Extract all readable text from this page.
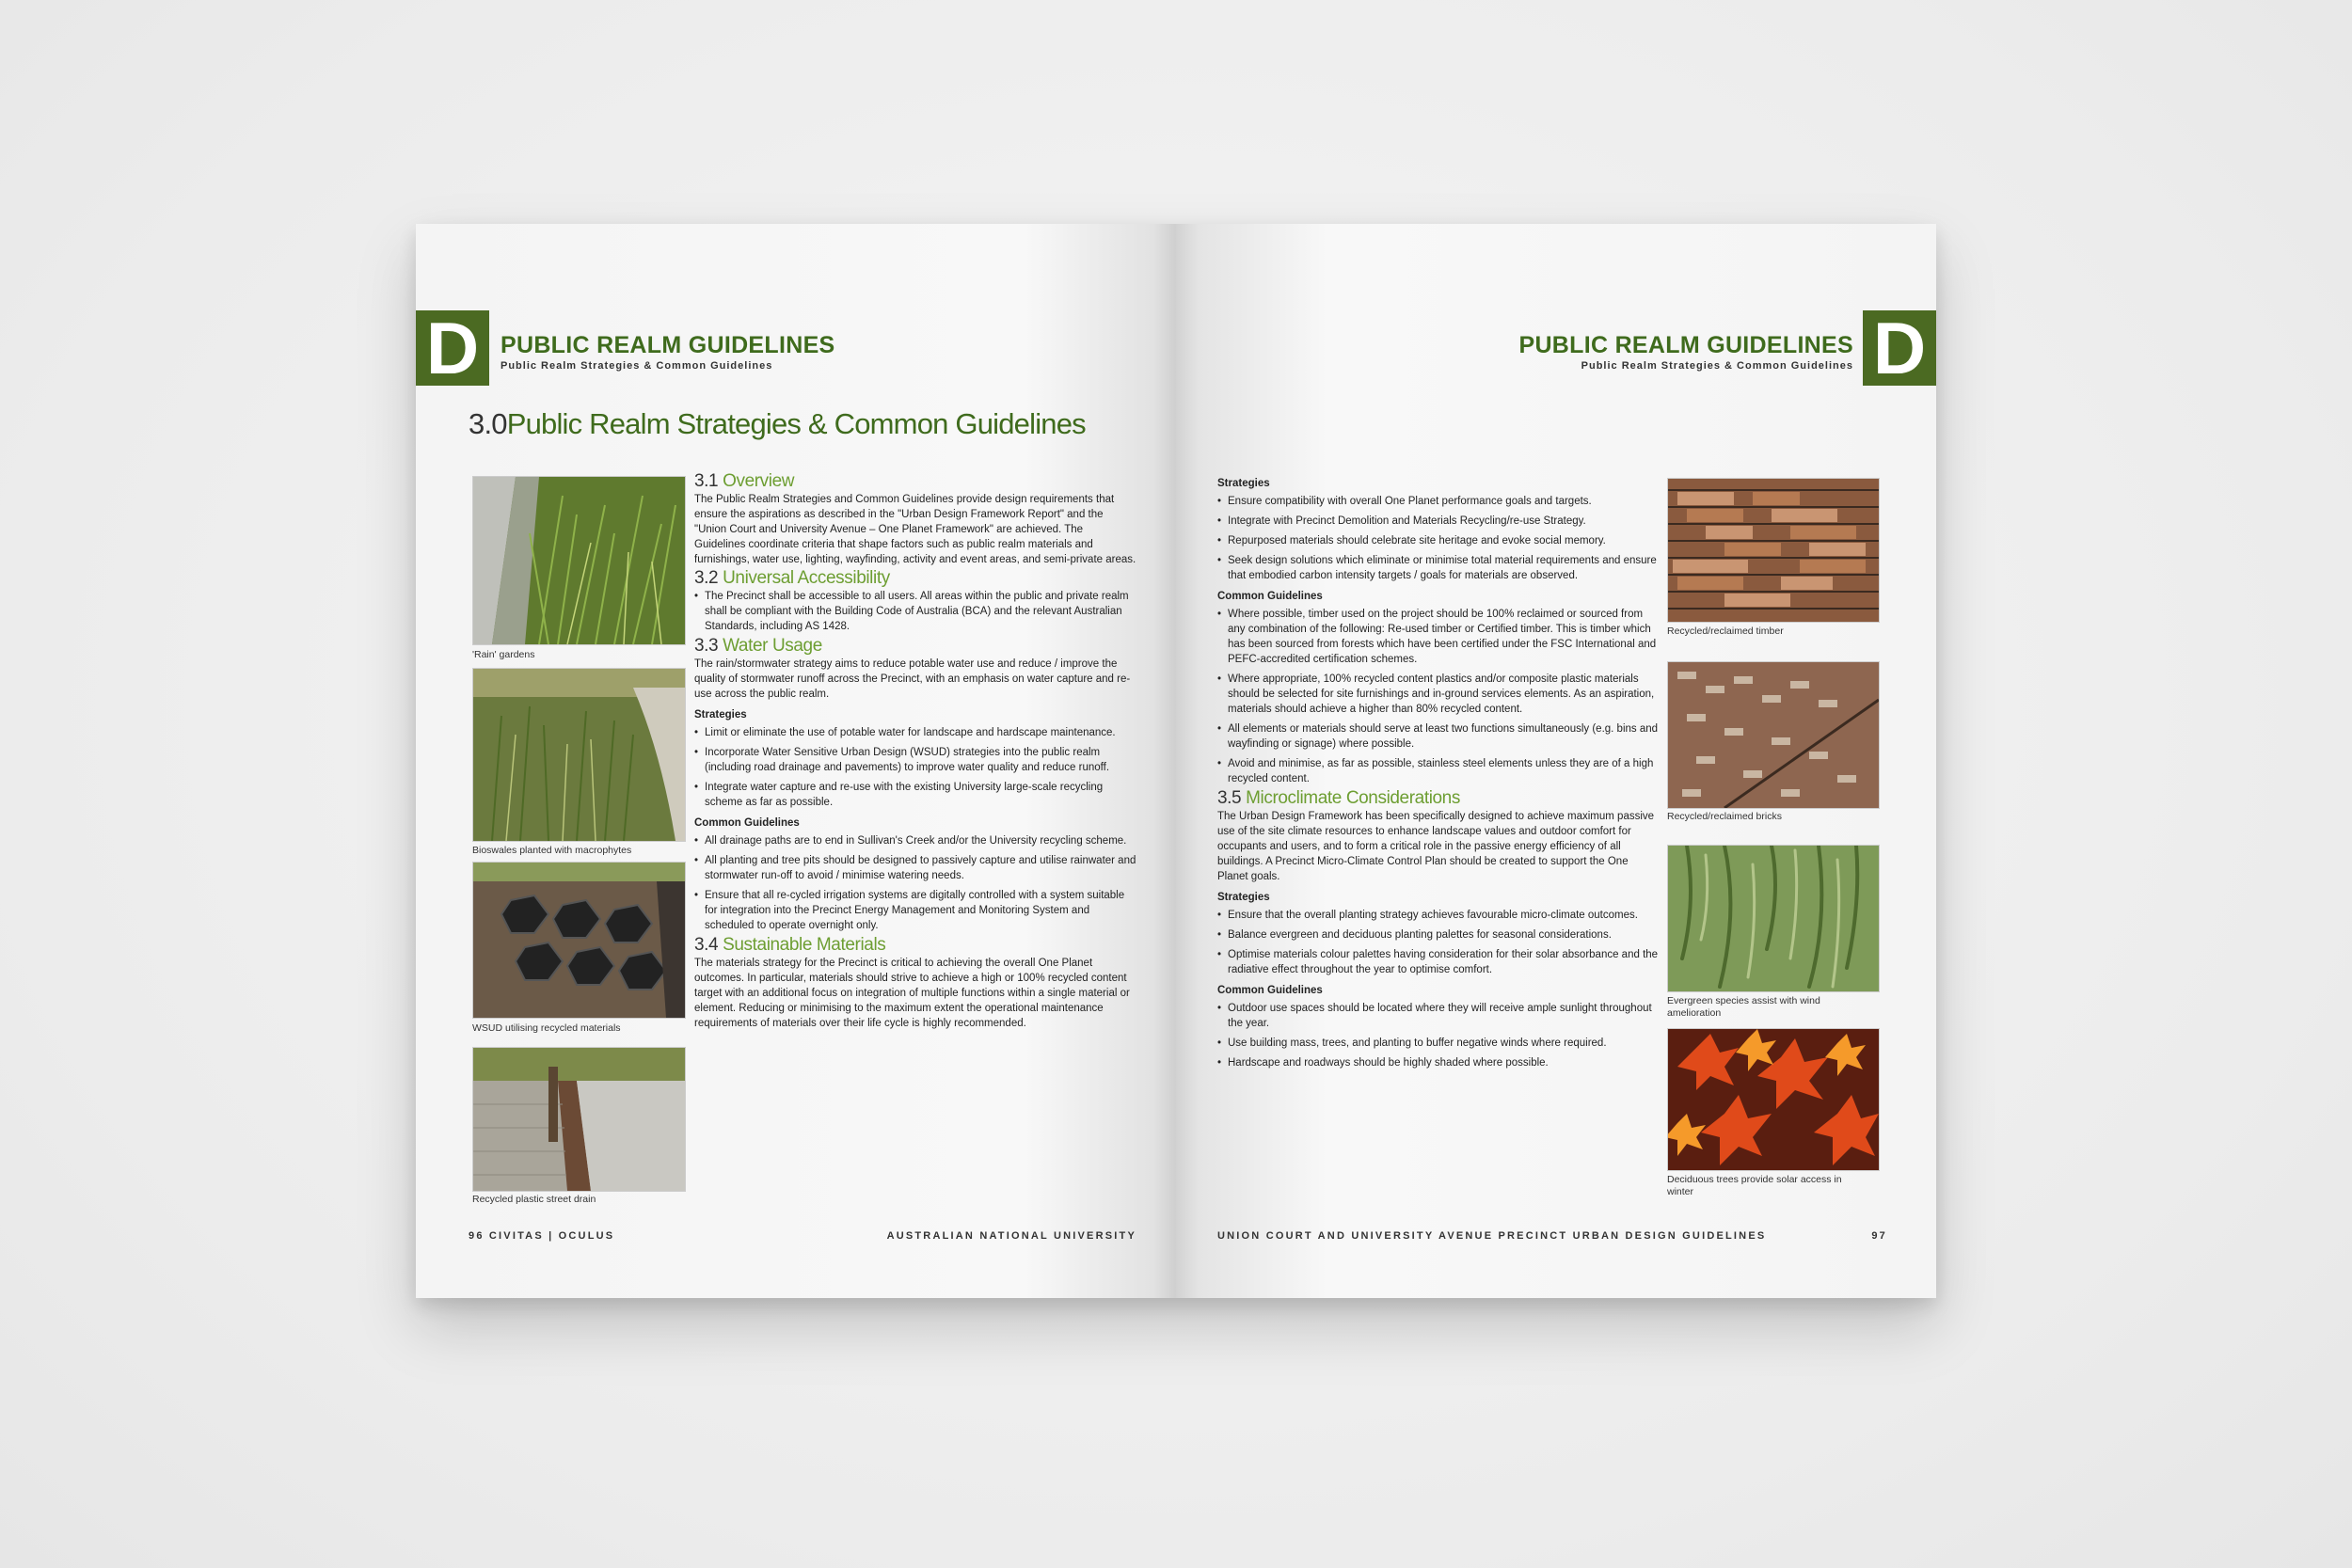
D PUBLIC REALM GUIDELINES
Public Realm Strategies & Common Guidelines
3.0Public Realm Strategies & Common Guidelines
'Rain' gardens
Bioswales planted with macrophytes
WSUD utilising recycled materials
Recycled plastic street drain
3.1 Overview

The Public Realm Strategies and Common Guidelines provide design requirements that ensure the aspirations as described in the "Urban Design Framework Report" and the "Union Court and University Avenue – One Planet Framework" are achieved. The Guidelines coordinate criteria that shape factors such as public realm materials and furnishings, water use, lighting, wayfinding, activity and event areas, and semi-private areas.

3.2 Universal Accessibility
• The Precinct shall be accessible to all users. All areas within the public and private realm shall be compliant with the Building Code of Australia (BCA) and the relevant Australian Standards, including AS 1428.
3.3 Water Usage

The rain/stormwater strategy aims to reduce potable water use and reduce / improve the quality of stormwater runoff across the Precinct, with an emphasis on water capture and re-use across the public realm.

Strategies
• Limit or eliminate the use of potable water for landscape and hardscape maintenance.
• Incorporate Water Sensitive Urban Design (WSUD) strategies into the public realm (including road drainage and pavements) to improve water quality and reduce runoff.
• Integrate water capture and re-use with the existing University large-scale recycling scheme as far as possible.
Common Guidelines
• All drainage paths are to end in Sullivan's Creek and/or the University recycling scheme.
• All planting and tree pits should be designed to passively capture and utilise rainwater and stormwater run-off to avoid / minimise watering needs.
• Ensure that all re-cycled irrigation systems are digitally controlled with a system suitable for integration into the Precinct Energy Management and Monitoring System and scheduled to operate overnight only.
3.4 Sustainable Materials

The materials strategy for the Precinct is critical to achieving the overall One Planet outcomes. In particular, materials should strive to achieve a high or 100% recycled content target with an additional focus on integration of multiple functions within a single material or element. Reducing or minimising to the maximum extent the operational maintenance requirements of materials over their life cycle is highly recommended.

96 CIVITAS | OCULUS	AUSTRALIAN NATIONAL UNIVERSITY
D
PUBLIC REALM GUIDELINES
Public Realm Strategies & Common Guidelines
Strategies
• Ensure compatibility with overall One Planet performance goals and targets.
• Integrate with Precinct Demolition and Materials Recycling/re-use Strategy.
• Repurposed materials should celebrate site heritage and evoke social memory.
• Seek design solutions which eliminate or minimise total material requirements and ensure that embodied carbon intensity targets / goals for materials are observed.
Common Guidelines
• Where possible, timber used on the project should be 100% reclaimed or sourced from any combination of the following: Re-used timber or Certified timber. This is timber which has been sourced from forests which have been certified under the FSC International and PEFC-accredited certification schemes.
• Where appropriate, 100% recycled content plastics and/or composite plastic materials should be selected for site furnishings and in-ground services elements. As an aspiration, materials should achieve a higher than 80% recycled content.
• All elements or materials should serve at least two functions simultaneously (e.g. bins and wayfinding or signage) where possible.
• Avoid and minimise, as far as possible, stainless steel elements unless they are of a high recycled content.
3.5 Microclimate Considerations

The Urban Design Framework has been specifically designed to achieve maximum passive use of the site climate resources to enhance landscape values and outdoor comfort for occupants and users, and to form a critical role in the passive energy efficiency of all buildings. A Precinct Micro-Climate Control Plan should be created to support the One Planet goals.

Strategies
• Ensure that the overall planting strategy achieves favourable micro-climate outcomes.
• Balance evergreen and deciduous planting palettes for seasonal considerations.
• Optimise materials colour palettes having consideration for their solar absorbance and the radiative effect throughout the year to optimise comfort.
Common Guidelines
• Outdoor use spaces should be located where they will receive ample sunlight throughout the year.
• Use building mass, trees, and planting to buffer negative winds where required.
• Hardscape and roadways should be highly shaded where possible.
Recycled/reclaimed timber
Recycled/reclaimed bricks
Evergreen species assist with wind amelioration
Deciduous trees provide solar access in winter
UNION COURT AND UNIVERSITY AVENUE PRECINCT URBAN DESIGN GUIDELINES	97
